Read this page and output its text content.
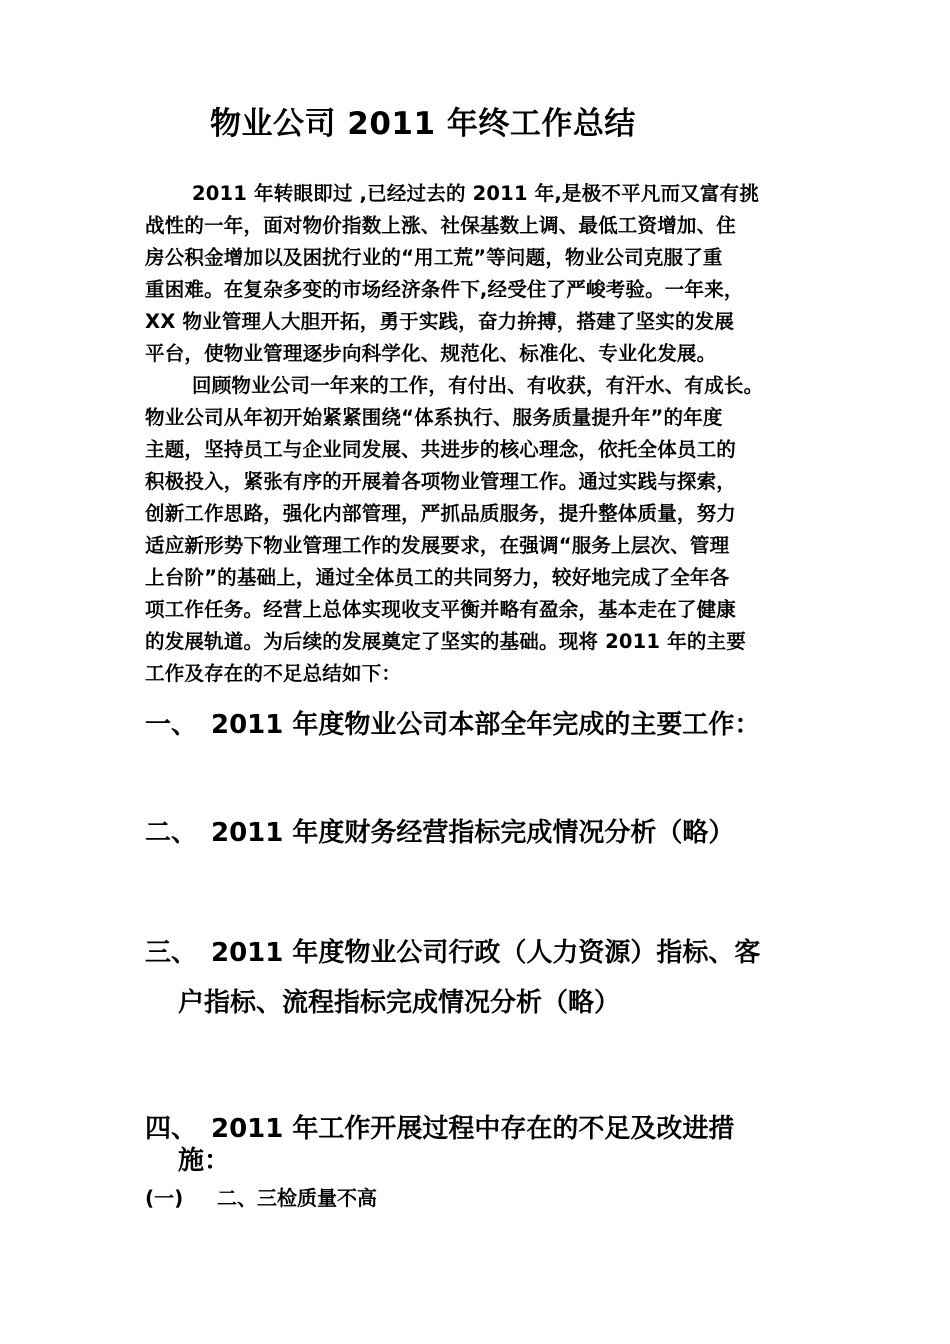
物业公司 2011 年终工作总结
2011 年转眼即过 ,已经过去的 2011 年,是极不平凡而又富有挑
战性的一年，面对物价指数上涨、社保基数上调、最低工资增加、住
房公积金增加以及困扰行业的“用工荒”等问题，物业公司克服了重
重困难。在复杂多变的市场经济条件下,经受住了严峻考验。一年来，
XX 物业管理人大胆开拓，勇于实践，奋力拚搏，搭建了坚实的发展
平台，使物业管理逐步向科学化、规范化、标准化、专业化发展。
回顾物业公司一年来的工作，有付出、有收获，有汗水、有成长。
物业公司从年初开始紧紧围绕“体系执行、服务质量提升年”的年度
主题，坚持员工与企业同发展、共进步的核心理念，依托全体员工的
积极投入，紧张有序的开展着各项物业管理工作。通过实践与探索，
创新工作思路，强化内部管理，严抓品质服务，提升整体质量，努力
适应新形势下物业管理工作的发展要求，在强调“服务上层次、管理
上台阶”的基础上，通过全体员工的共同努力，较好地完成了全年各
项工作任务。经营上总体实现收支平衡并略有盈余，基本走在了健康
的发展轨道。为后续的发展奠定了坚实的基础。现将 2011 年的主要
工作及存在的不足总结如下：
一、 2011 年度物业公司本部全年完成的主要工作：
二、 2011 年度财务经营指标完成情况分析（略）
三、 2011 年度物业公司行政（人力资源）指标、客
户指标、流程指标完成情况分析（略）
四、 2011 年工作开展过程中存在的不足及改进措
施：
(一) 二、三检质量不高
